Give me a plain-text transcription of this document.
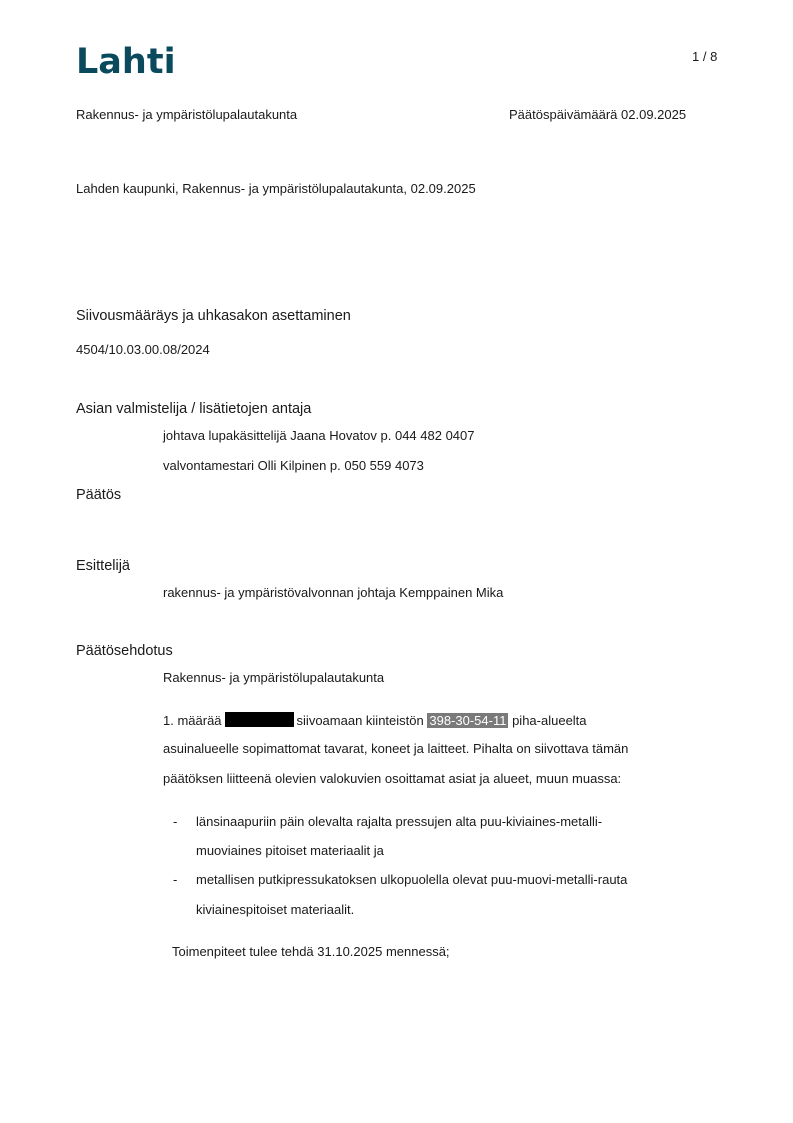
Lahti	1 / 8
Rakennus- ja ympäristölupalautakunta	Päätöspäivämäärä 02.09.2025
Lahden kaupunki, Rakennus- ja ympäristölupalautakunta, 02.09.2025
Siivousmääräys ja uhkasakon asettaminen
4504/10.03.00.08/2024
Asian valmistelija / lisätietojen antaja
johtava lupakäsittelijä Jaana Hovatov p. 044 482 0407
valvontamestari Olli Kilpinen p. 050 559 4073
Päätös
Esittelijä
rakennus- ja ympäristövalvonnan johtaja Kemppainen Mika
Päätösehdotus
Rakennus- ja ympäristölupalautakunta
1. määrää	siivoamaan kiinteistön 398-30-54-11 piha-alueelta
asuinalueelle sopimattomat tavarat, koneet ja laitteet. Pihalta on siivottava tämän
päätöksen liitteenä olevien valokuvien osoittamat asiat ja alueet, muun muassa:
- länsinaapuriin päin olevalta rajalta pressujen alta puu-kiviaines-metalli-
muoviaines pitoiset materiaalit ja
- metallisen putkipressukatoksen ulkopuolella olevat puu-muovi-metalli-rauta
kiviainespitoiset materiaalit.
Toimenpiteet tulee tehdä 31.10.2025 mennessä;
